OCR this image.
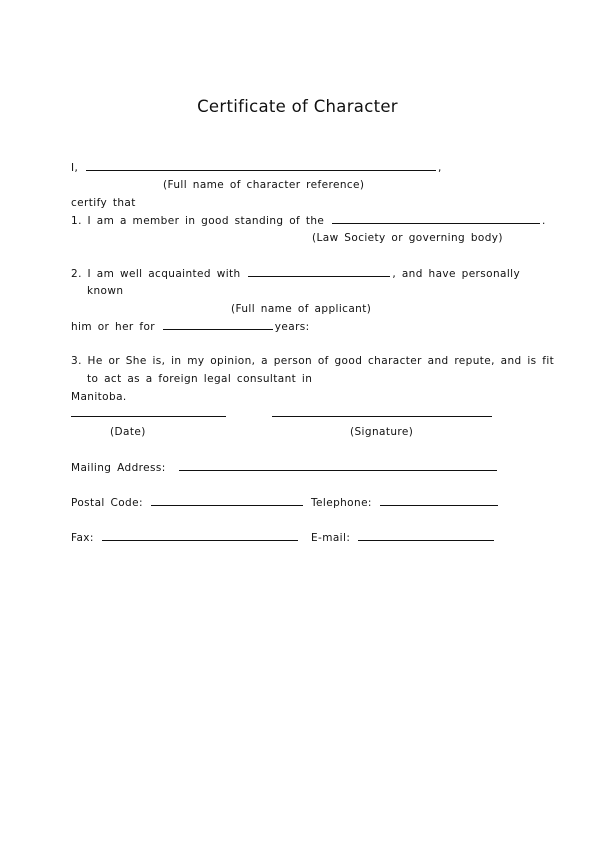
Certificate of Character
I,	,
(Full name of character reference)
certify that
1. I am a member in good standing of the	.
(Law Society or governing body)
2. I am well acquainted with	, and have personally
known
(Full name of applicant)
him or her for	years:
3. He or She is, in my opinion, a person of good character and repute, and is fit
to act as a foreign legal consultant in
Manitoba.
(Date)	(Signature)
Mailing Address:
Postal Code:	Telephone:
Fax:	E-mail:
